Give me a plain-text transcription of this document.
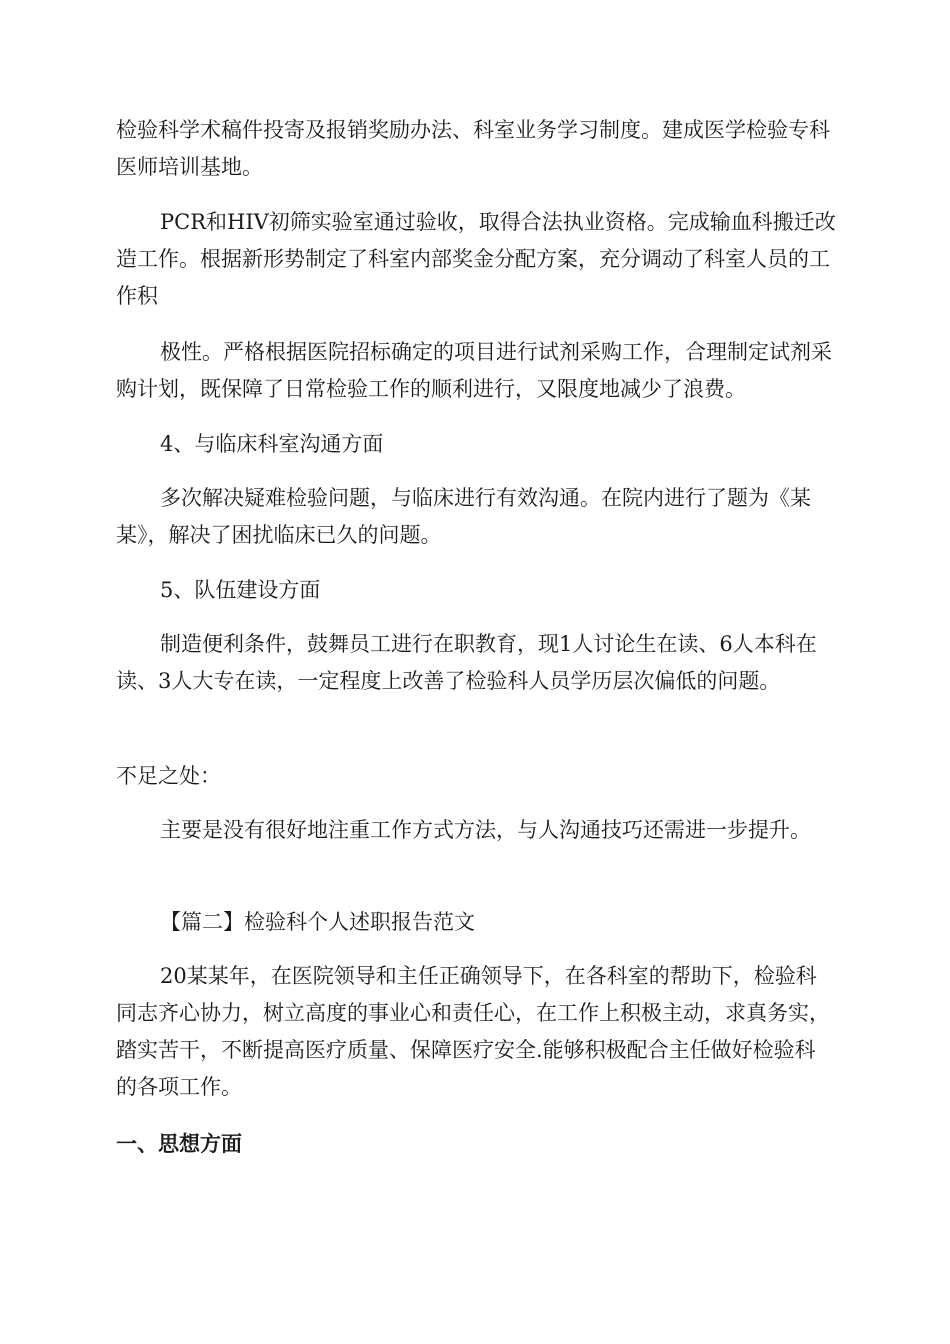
检验科学术稿件投寄及报销奖励办法、科室业务学习制度。建成医学检验专科医师培训基地。

PCR和HIV初筛实验室通过验收，取得合法执业资格。完成输血科搬迁改造工作。根据新形势制定了科室内部奖金分配方案，充分调动了科室人员的工作积

极性。严格根据医院招标确定的项目进行试剂采购工作，合理制定试剂采购计划，既保障了日常检验工作的顺利进行，又限度地减少了浪费。

4、与临床科室沟通方面

多次解决疑难检验问题，与临床进行有效沟通。在院内进行了题为《某某》，解决了困扰临床已久的问题。

5、队伍建设方面

制造便利条件，鼓舞员工进行在职教育，现1人讨论生在读、6人本科在读、3人大专在读，一定程度上改善了检验科人员学历层次偏低的问题。

不足之处：

主要是没有很好地注重工作方式方法，与人沟通技巧还需进一步提升。

【篇二】检验科个人述职报告范文

20某某年，在医院领导和主任正确领导下，在各科室的帮助下，检验科同志齐心协力，树立高度的事业心和责任心，在工作上积极主动，求真务实，踏实苦干，不断提高医疗质量、保障医疗安全.能够积极配合主任做好检验科的各项工作。

一、思想方面
